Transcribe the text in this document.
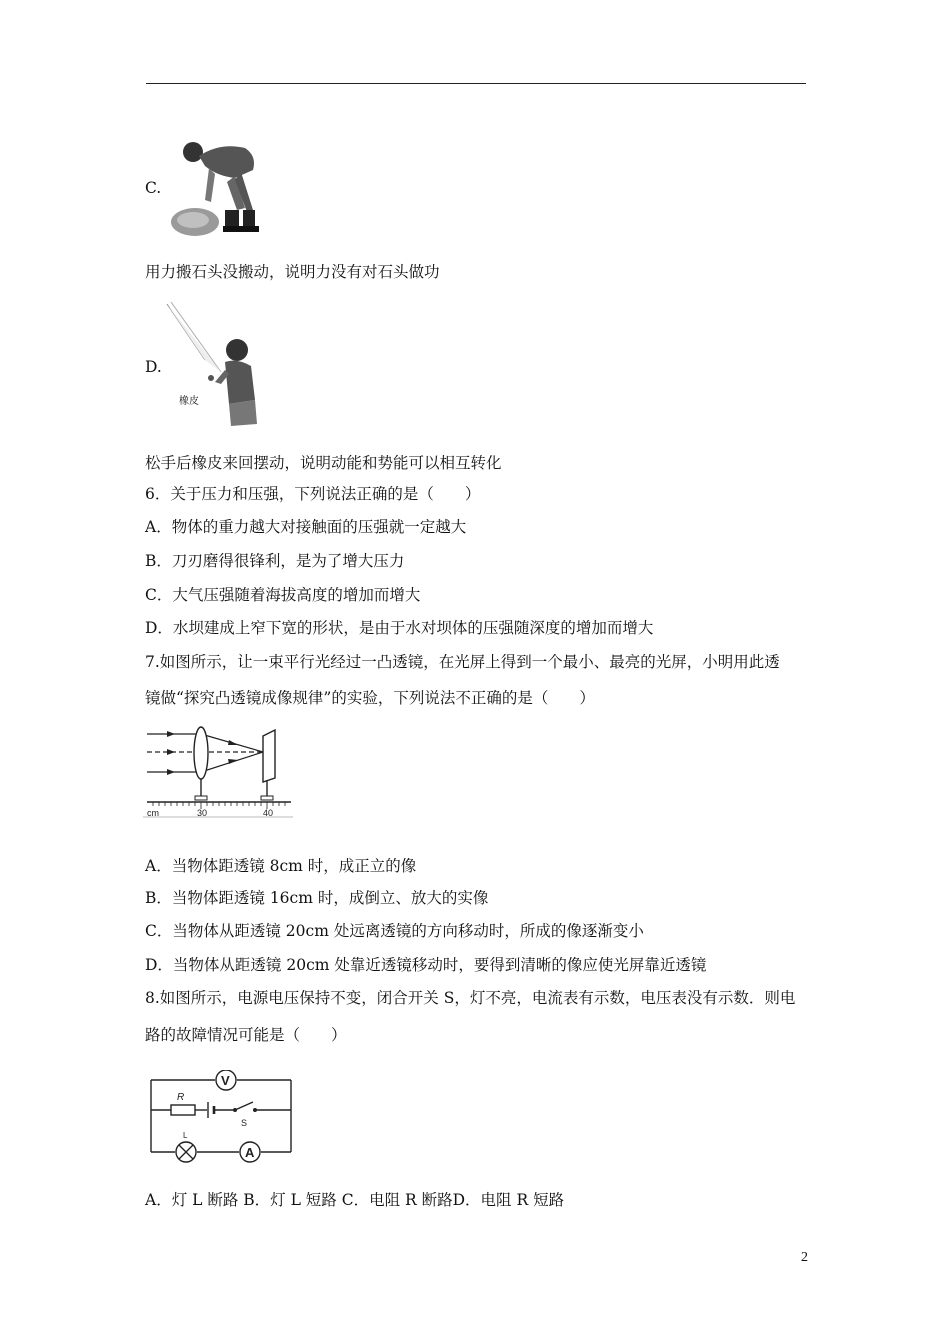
C.
用力搬石头没搬动，说明力没有对石头做功
D.
橡皮
松手后橡皮来回摆动，说明动能和势能可以相互转化
6．关于压力和压强，下列说法正确的是（　　）
A．物体的重力越大对接触面的压强就一定越大
B．刀刃磨得很锋利，是为了增大压力
C．大气压强随着海拔高度的增加而增大
D．水坝建成上窄下宽的形状，是由于水对坝体的压强随深度的增加而增大
7.如图所示，让一束平行光经过一凸透镜，在光屏上得到一个最小、最亮的光屏，小明用此透
镜做“探究凸透镜成像规律”的实验，下列说法不正确的是（　　）
cm	30	40
A．当物体距透镜 8cm 时，成正立的像
B．当物体距透镜 16cm 时，成倒立、放大的实像
C．当物体从距透镜 20cm 处远离透镜的方向移动时，所成的像逐渐变小
D．当物体从距透镜 20cm 处靠近透镜移动时，要得到清晰的像应使光屏靠近透镜
8.如图所示，电源电压保持不变，闭合开关 S，灯不亮，电流表有示数，电压表没有示数．则电
路的故障情况可能是（　　）
V
R
S
L
A
A．灯 L 断路 B．灯 L 短路 C．电阻 R 断路D．电阻 R 短路
2
